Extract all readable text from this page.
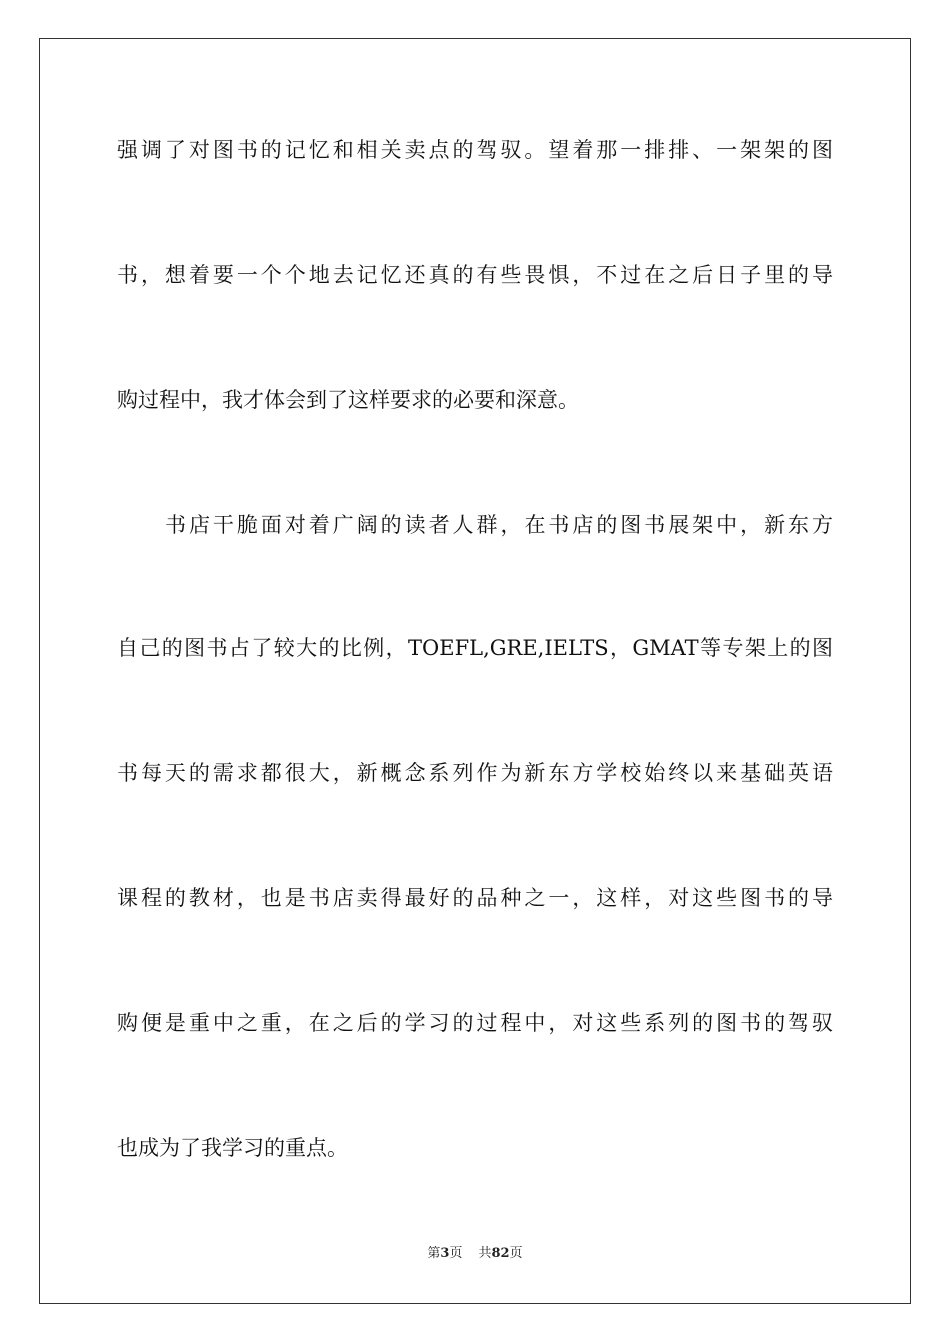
强调了对图书的记忆和相关卖点的驾驭。望着那一排排、一架架的图
书，想着要一个个地去记忆还真的有些畏惧，不过在之后日子里的导
购过程中，我才体会到了这样要求的必要和深意。
书店干脆面对着广阔的读者人群，在书店的图书展架中，新东方
自己的图书占了较大的比例，TOEFL,GRE,IELTS，GMAT等专架上的图
书每天的需求都很大，新概念系列作为新东方学校始终以来基础英语
课程的教材，也是书店卖得最好的品种之一，这样，对这些图书的导
购便是重中之重，在之后的学习的过程中，对这些系列的图书的驾驭
也成为了我学习的重点。
第3页 共82页
